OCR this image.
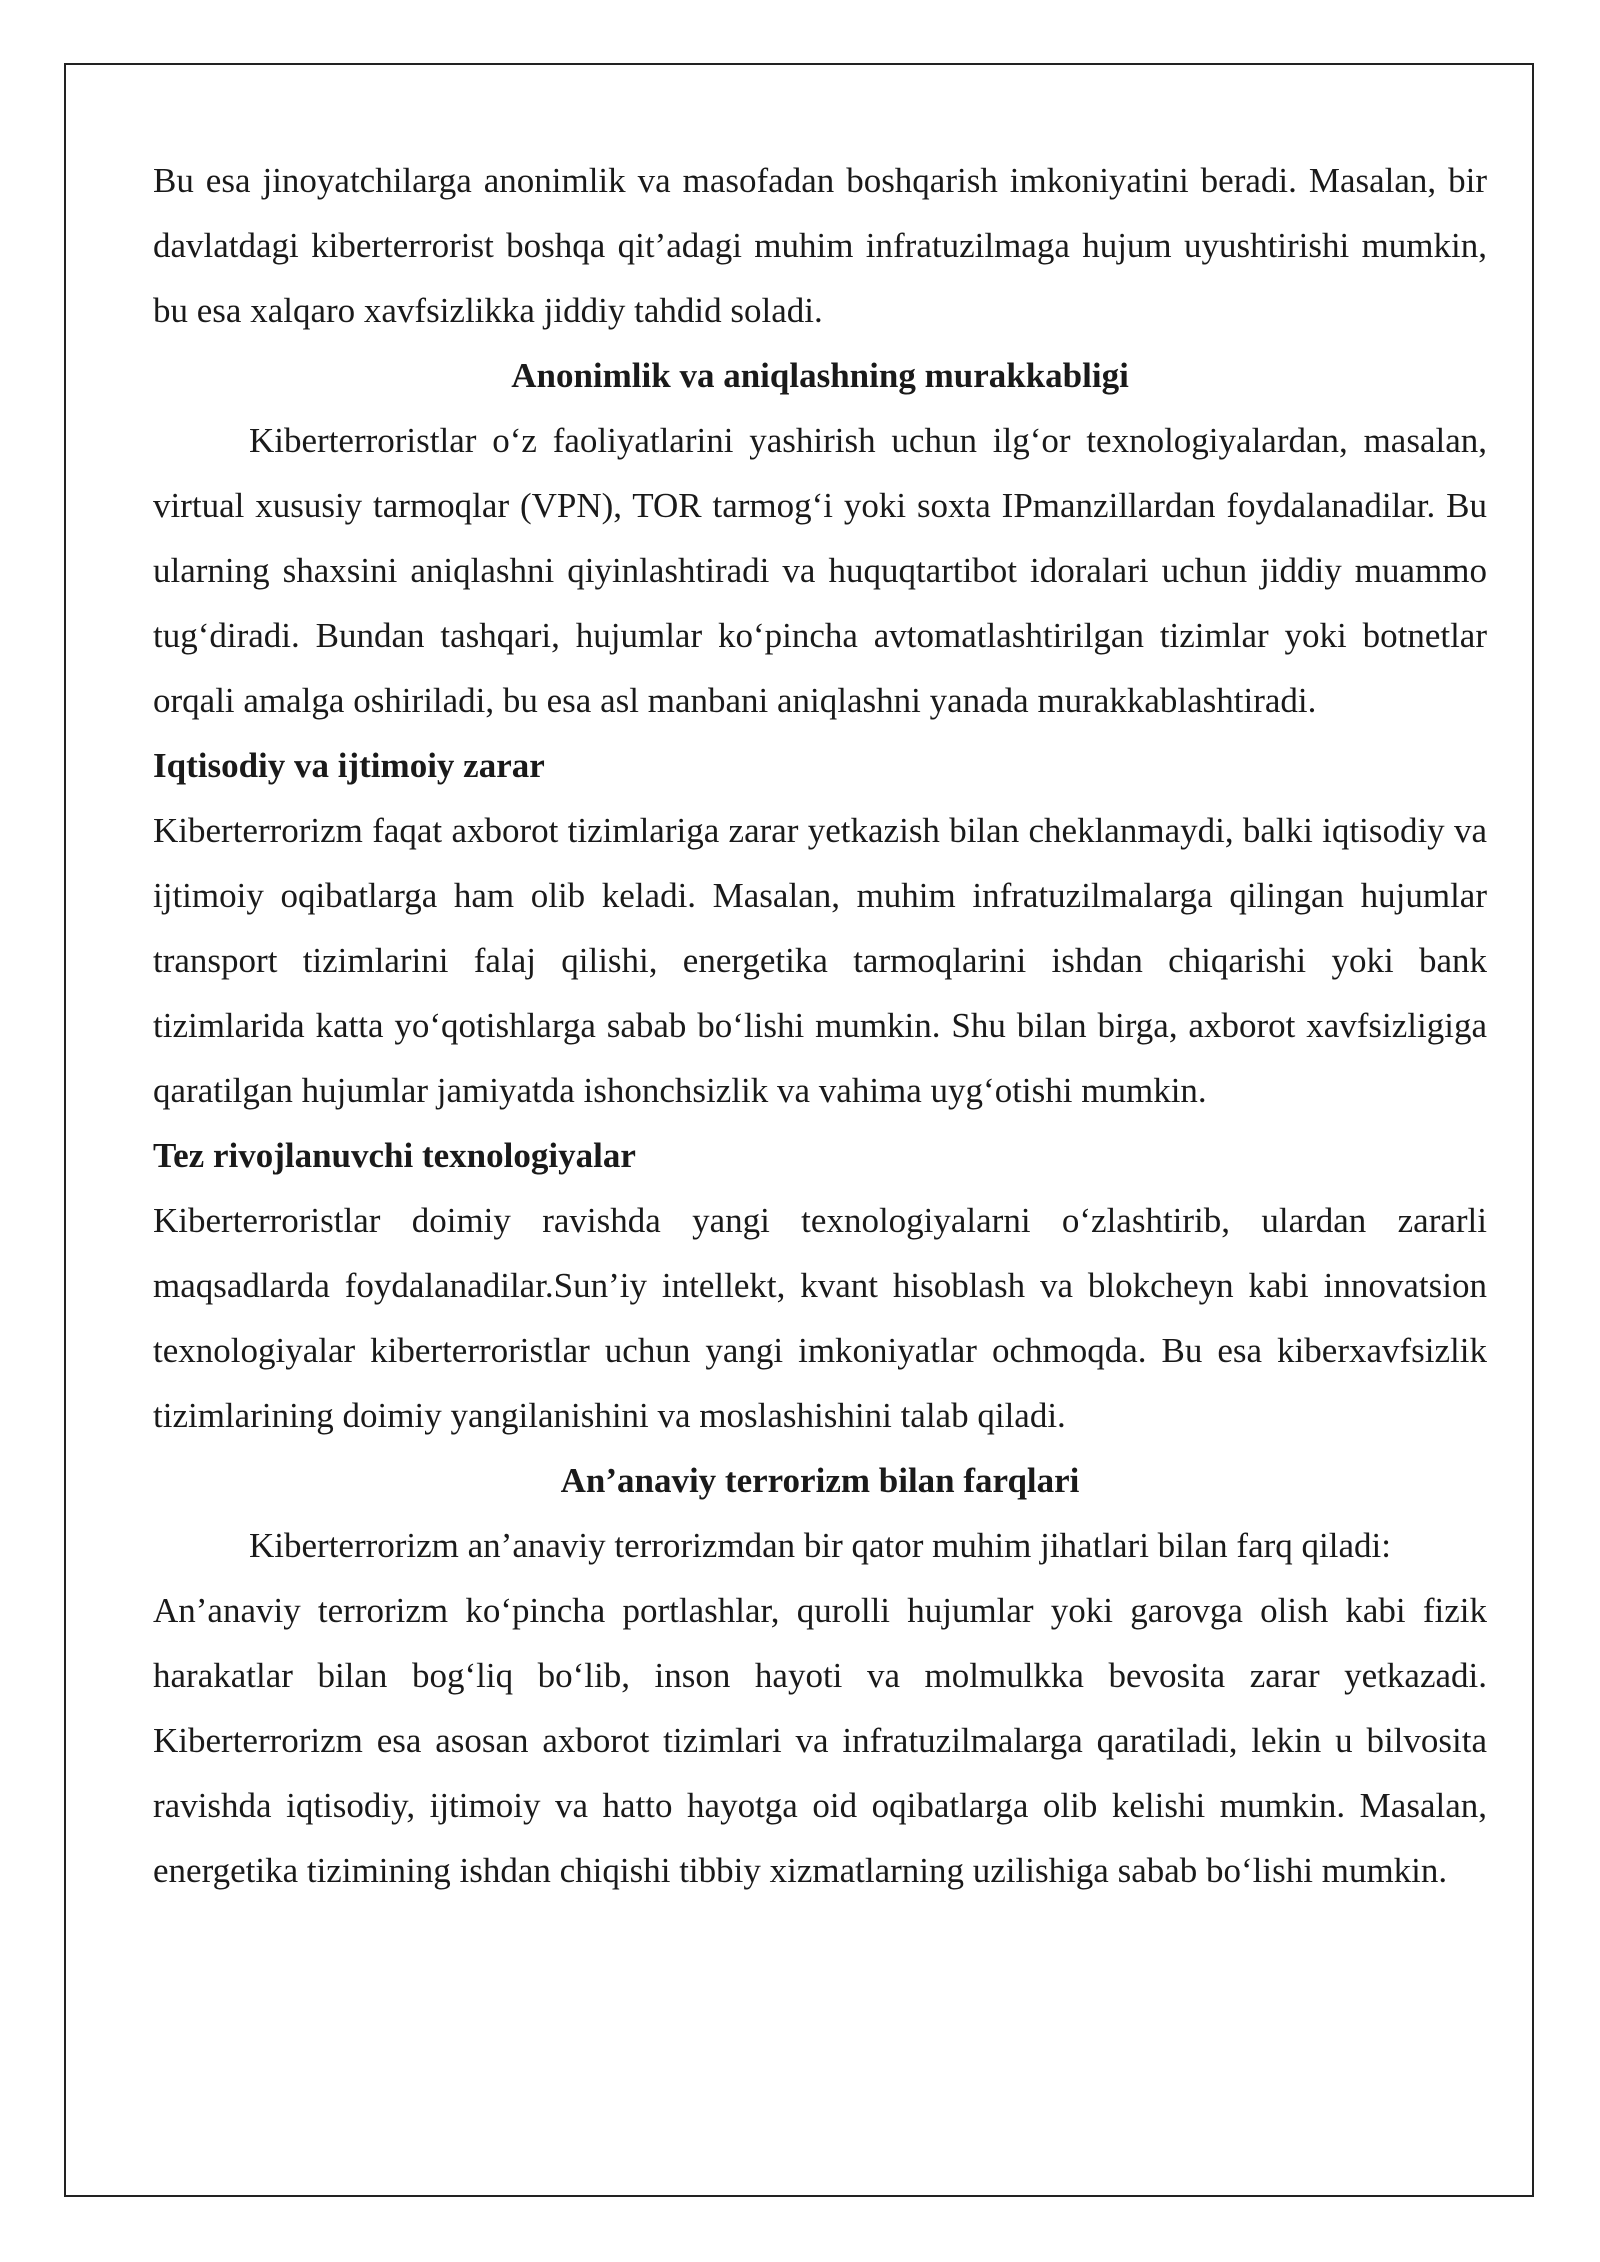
Bu esa jinoyatchilarga anonimlik va masofadan boshqarish imkoniyatini beradi. Masalan, bir davlatdagi kiberterrorist boshqa qit’adagi muhim infratuzilmaga hujum uyushtirishi mumkin, bu esa xalqaro xavfsizlikka jiddiy tahdid soladi.

Anonimlik va aniqlashning murakkabligi

Kiberterroristlar o‘z faoliyatlarini yashirish uchun ilg‘or texnologiyalardan, masalan, virtual xususiy tarmoqlar (VPN), TOR tarmog‘i yoki soxta IPmanzillardan foydalanadilar. Bu ularning shaxsini aniqlashni qiyinlashtiradi va huquqtartibot idoralari uchun jiddiy muammo tug‘diradi. Bundan tashqari, hujumlar ko‘pincha avtomatlashtirilgan tizimlar yoki botnetlar orqali amalga oshiriladi, bu esa asl manbani aniqlashni yanada murakkablashtiradi.

Iqtisodiy va ijtimoiy zarar

Kiberterrorizm faqat axborot tizimlariga zarar yetkazish bilan cheklanmaydi, balki iqtisodiy va ijtimoiy oqibatlarga ham olib keladi. Masalan, muhim infratuzilmalarga qilingan hujumlar transport tizimlarini falaj qilishi, energetika tarmoqlarini ishdan chiqarishi yoki bank tizimlarida katta yo‘qotishlarga sabab bo‘lishi mumkin. Shu bilan birga, axborot xavfsizligiga qaratilgan hujumlar jamiyatda ishonchsizlik va vahima uyg‘otishi mumkin.

Tez rivojlanuvchi texnologiyalar

Kiberterroristlar doimiy ravishda yangi texnologiyalarni o‘zlashtirib, ulardan zararli maqsadlarda foydalanadilar.Sun’iy intellekt, kvant hisoblash va blokcheyn kabi innovatsion texnologiyalar kiberterroristlar uchun yangi imkoniyatlar ochmoqda. Bu esa kiberxavfsizlik tizimlarining doimiy yangilanishini va moslashishini talab qiladi.

An’anaviy terrorizm bilan farqlari

Kiberterrorizm an’anaviy terrorizmdan bir qator muhim jihatlari bilan farq qiladi:

An’anaviy terrorizm ko‘pincha portlashlar, qurolli hujumlar yoki garovga olish kabi fizik harakatlar bilan bog‘liq bo‘lib, inson hayoti va molmulkka bevosita zarar yetkazadi. Kiberterrorizm esa asosan axborot tizimlari va infratuzilmalarga qaratiladi, lekin u bilvosita ravishda iqtisodiy, ijtimoiy va hatto hayotga oid oqibatlarga olib kelishi mumkin. Masalan, energetika tizimining ishdan chiqishi tibbiy xizmatlarning uzilishiga sabab bo‘lishi mumkin.
